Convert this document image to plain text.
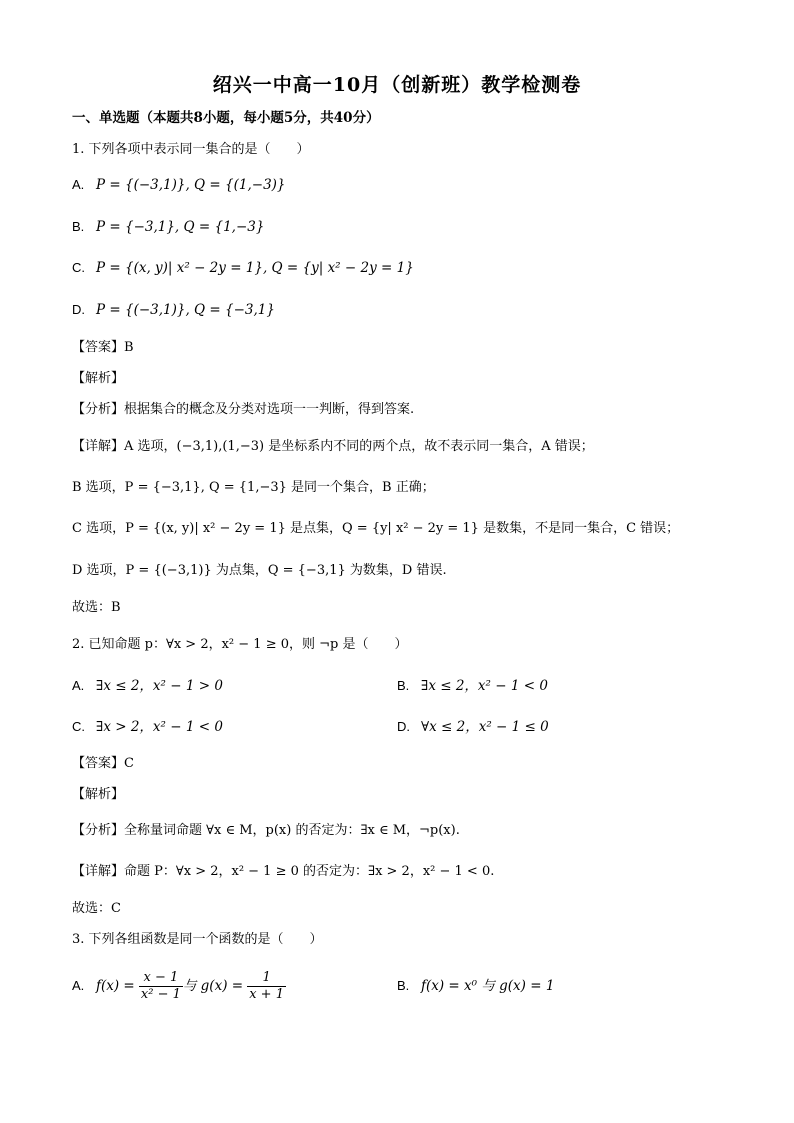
绍兴一中高一10月（创新班）教学检测卷
一、单选题（本题共8小题，每小题5分，共40分）
1. 下列各项中表示同一集合的是（　　）
A. P = {(−3,1)}, Q = {(1,−3)}
B. P = {−3,1}, Q = {1,−3}
C. P = {(x, y)| x² − 2y = 1}, Q = {y| x² − 2y = 1}
D. P = {(−3,1)}, Q = {−3,1}
【答案】B
【解析】
【分析】根据集合的概念及分类对选项一一判断，得到答案.
【详解】A 选项，(−3,1),(1,−3) 是坐标系内不同的两个点，故不表示同一集合，A 错误；
B 选项，P = {−3,1}, Q = {1,−3} 是同一个集合，B 正确；
C 选项，P = {(x, y)| x² − 2y = 1} 是点集，Q = {y| x² − 2y = 1} 是数集，不是同一集合，C 错误；
D 选项，P = {(−3,1)} 为点集，Q = {−3,1} 为数集，D 错误.
故选：B
2. 已知命题 p：∀x > 2，x² − 1 ≥ 0，则 ¬p 是（　　）
A. ∃x ≤ 2，x² − 1 > 0	B. ∃x ≤ 2，x² − 1 < 0
C. ∃x > 2，x² − 1 < 0	D. ∀x ≤ 2，x² − 1 ≤ 0
【答案】C
【解析】
【分析】全称量词命题 ∀x ∈ M，p(x) 的否定为：∃x ∈ M，¬p(x).
【详解】命题 P：∀x > 2，x² − 1 ≥ 0 的否定为：∃x > 2，x² − 1 < 0.
故选：C
3. 下列各组函数是同一个函数的是（　　）
A. $f(x) = \frac{x - 1}{\text{x² − 1}}$ 与 $g(x) = \frac{1}{x + 1}$	B. f(x) = x⁰ 与 g(x) = 1
